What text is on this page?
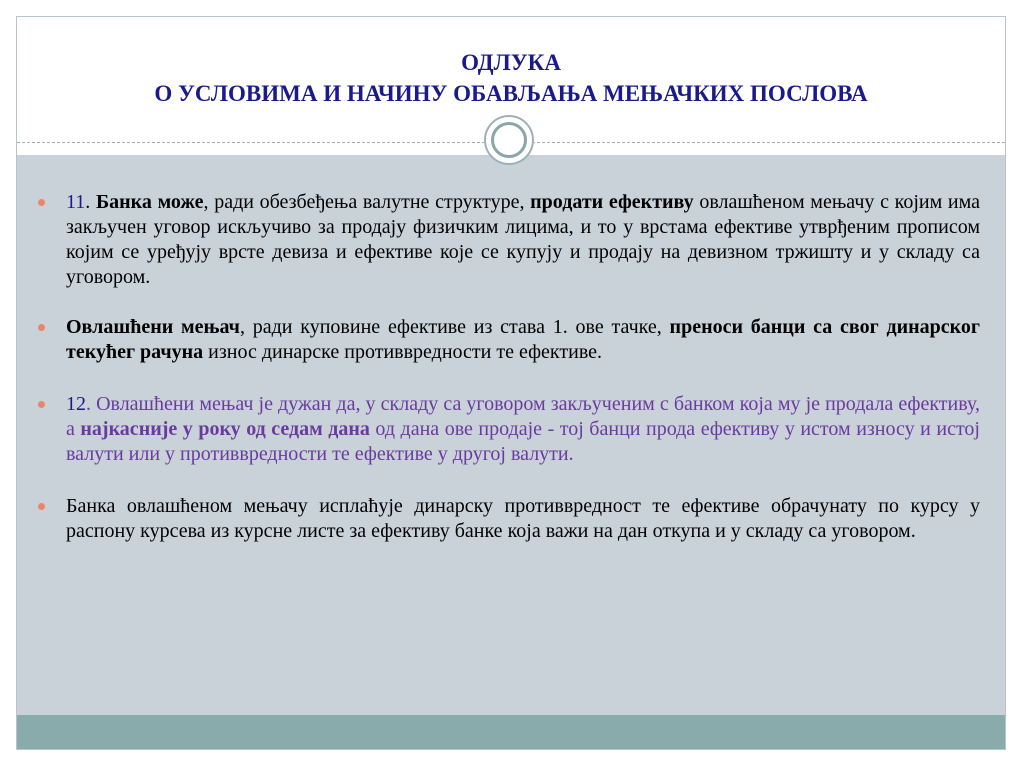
ОДЛУКА
О УСЛОВИМА И НАЧИНУ ОБАВЉАЊА МЕЊАЧКИХ ПОСЛОВА

11. Банка може, ради обезбеђења валутне структуре, продати ефективу овлашћеном мењачу с којим има закључен уговор искључиво за продају физичким лицима, и то у врстама ефективе утврђеним прописом којим се уређују врсте девиза и ефективе које се купују и продају на девизном тржишту и у складу са уговором.

Овлашћени мењач, ради куповине ефективе из става 1. ове тачке, преноси банци са свог динарског текућег рачуна износ динарске противвредности те ефективе.

12. Овлашћени мењач је дужан да, у складу са уговором закљученим с банком која му је продала ефективу, а најкасније у року од седам дана од дана ове продаје - тој банци прода ефективу у истом износу и истој валути или у противвредности те ефективе у другој валути.

Банка овлашћеном мењачу исплаћује динарску противвредност те ефективе обрачунату по курсу у распону курсева из курсне листе за ефективу банке која важи на дан откупа и у складу са уговором.
